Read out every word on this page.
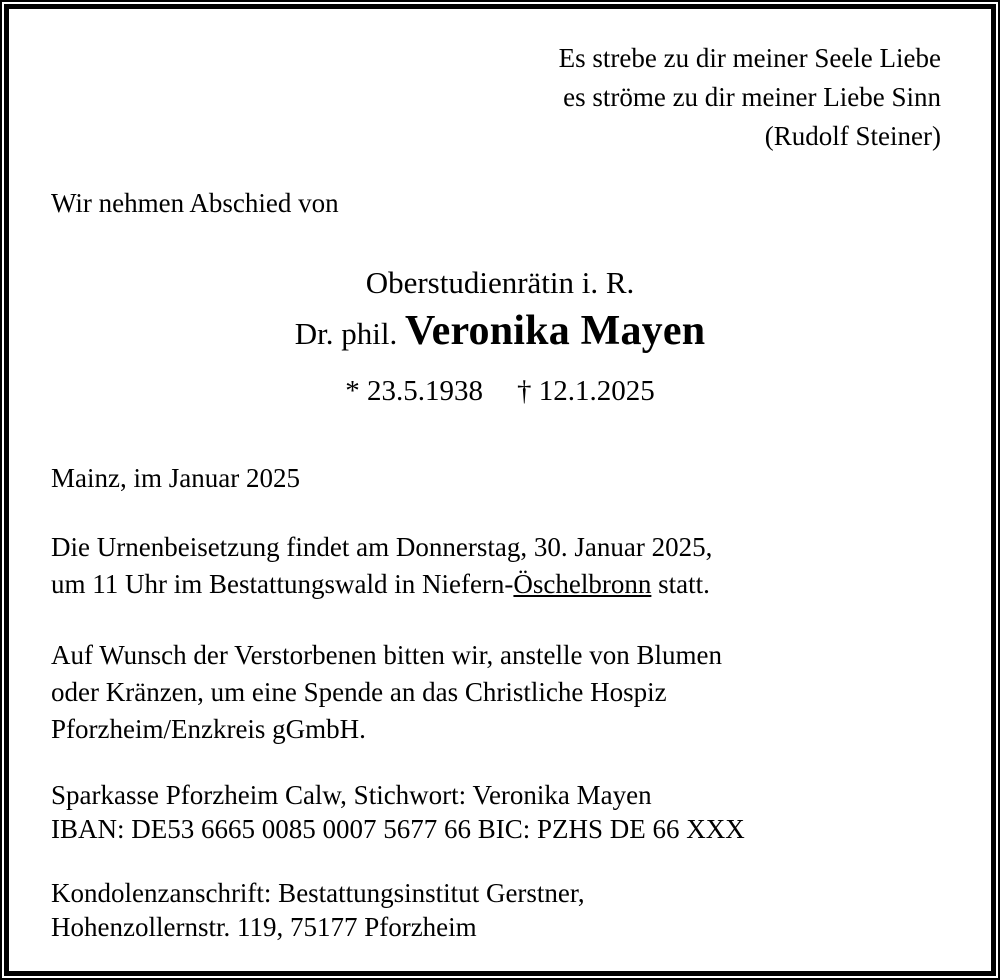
Es strebe zu dir meiner Seele Liebe
es ströme zu dir meiner Liebe Sinn
(Rudolf Steiner)

Wir nehmen Abschied von

Oberstudienrätin i. R.
Dr. phil. Veronika Mayen
* 23.5.1938 † 12.1.2025

Mainz, im Januar 2025

Die Urnenbeisetzung findet am Donnerstag, 30. Januar 2025,
um 11 Uhr im Bestattungswald in Niefern-Öschelbronn statt.

Auf Wunsch der Verstorbenen bitten wir, anstelle von Blumen
oder Kränzen, um eine Spende an das Christliche Hospiz
Pforzheim/Enzkreis gGmbH.

Sparkasse Pforzheim Calw, Stichwort: Veronika Mayen
IBAN: DE53 6665 0085 0007 5677 66 BIC: PZHS DE 66 XXX

Kondolenzanschrift: Bestattungsinstitut Gerstner,
Hohenzollernstr. 119, 75177 Pforzheim
